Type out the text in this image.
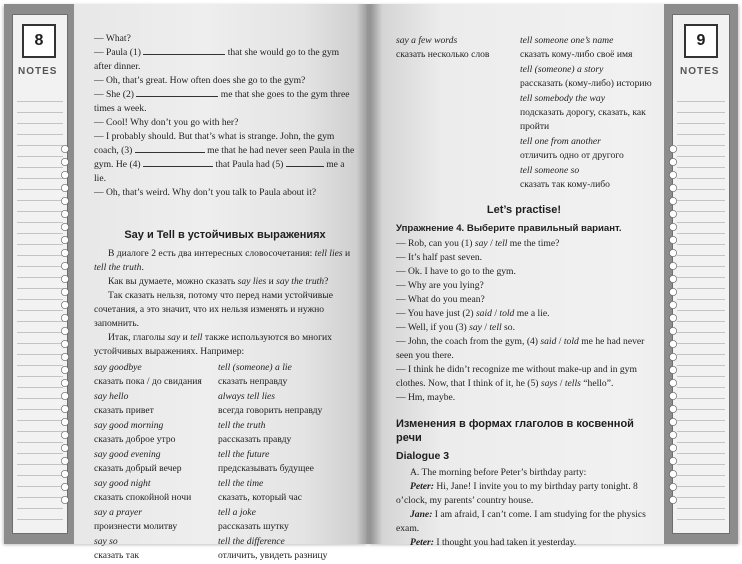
8
NOTES

— What?

— Paula (1)	that she would go to the gym after dinner.

— Oh, that’s great. How often does she go to the gym?

— She (2)	me that she goes to the gym three times a week.

— Cool! Why don’t you go with her?

— I probably should. But that’s what is strange. John, the gym coach, (3)	me that he had never seen Paula in the gym. He (4)	that Paula had (5)	me a lie.

— Oh, that’s weird. Why don’t you talk to Paula about it?

Say и Tell в устойчивых выражениях

В диалоге 2 есть два интересных словосочетания: tell lies и tell the truth.

Как вы думаете, можно сказать say lies и say the truth?

Так сказать нельзя, потому что перед нами устойчивые сочетания, а это значит, что их нельзя изменять и нужно запомнить.

Итак, глаголы say и tell также используются во многих устойчивых выражениях. Например:

say goodbye
сказать пока / до свидания
say hello
сказать привет
say good morning
сказать доброе утро
say good evening
сказать добрый вечер
say good night
сказать спокойной ночи
say a prayer
произнести молитву
say so
сказать так
tell (someone) a lie
сказать неправду
always tell lies
всегда говорить неправду
tell the truth
рассказать правду
tell the future
предсказывать будущее
tell the time
сказать, который час
tell a joke
рассказать шутку
tell the difference
отличить, увидеть разницу
say a few words
сказать несколько слов
tell someone one’s name
сказать кому-либо своё имя
tell (someone) a story
рассказать (кому-либо) историю
tell somebody the way
подсказать дорогу, сказать, как пройти
tell one from another
отличить одно от другого
tell someone so
сказать так кому-либо
Let’s practise!
Упражнение 4. Выберите правильный вариант.

— Rob, can you (1) say / tell me the time?

— It’s half past seven.

— Ok. I have to go to the gym.

— Why are you lying?

— What do you mean?

— You have just (2) said / told me a lie.

— Well, if you (3) say / tell so.

— John, the coach from the gym, (4) said / told me he had never seen you there.

— I think he didn’t recognize me without make-up and in gym clothes. Now, that I think of it, he (5) says / tells “hello”.

— Hm, maybe.

Изменения в формах глаголов в косвенной речи
Dialogue 3

A. The morning before Peter’s birthday party:

Peter: Hi, Jane! I invite you to my birthday party tonight. 8 o’clock, my parents’ country house.

Jane: I am afraid, I can’t come. I am studying for the physics exam.

Peter: I thought you had taken it yesterday.

9
NOTES
